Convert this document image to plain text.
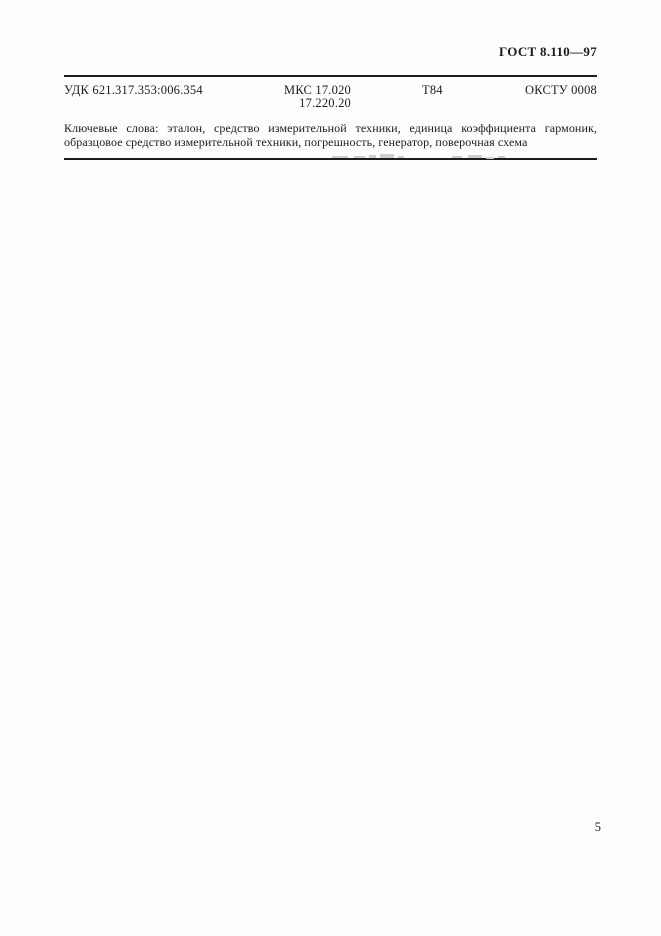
ГОСТ 8.110—97
УДК 621.317.353:006.354	МКС 17.020
17.220.20
Т84	ОКСТУ 0008
Ключевые слова: эталон, средство измерительной техники, единица коэффициента гармоник,
образцовое средство измерительной техники, погрешность, генератор, поверочная схема
5
